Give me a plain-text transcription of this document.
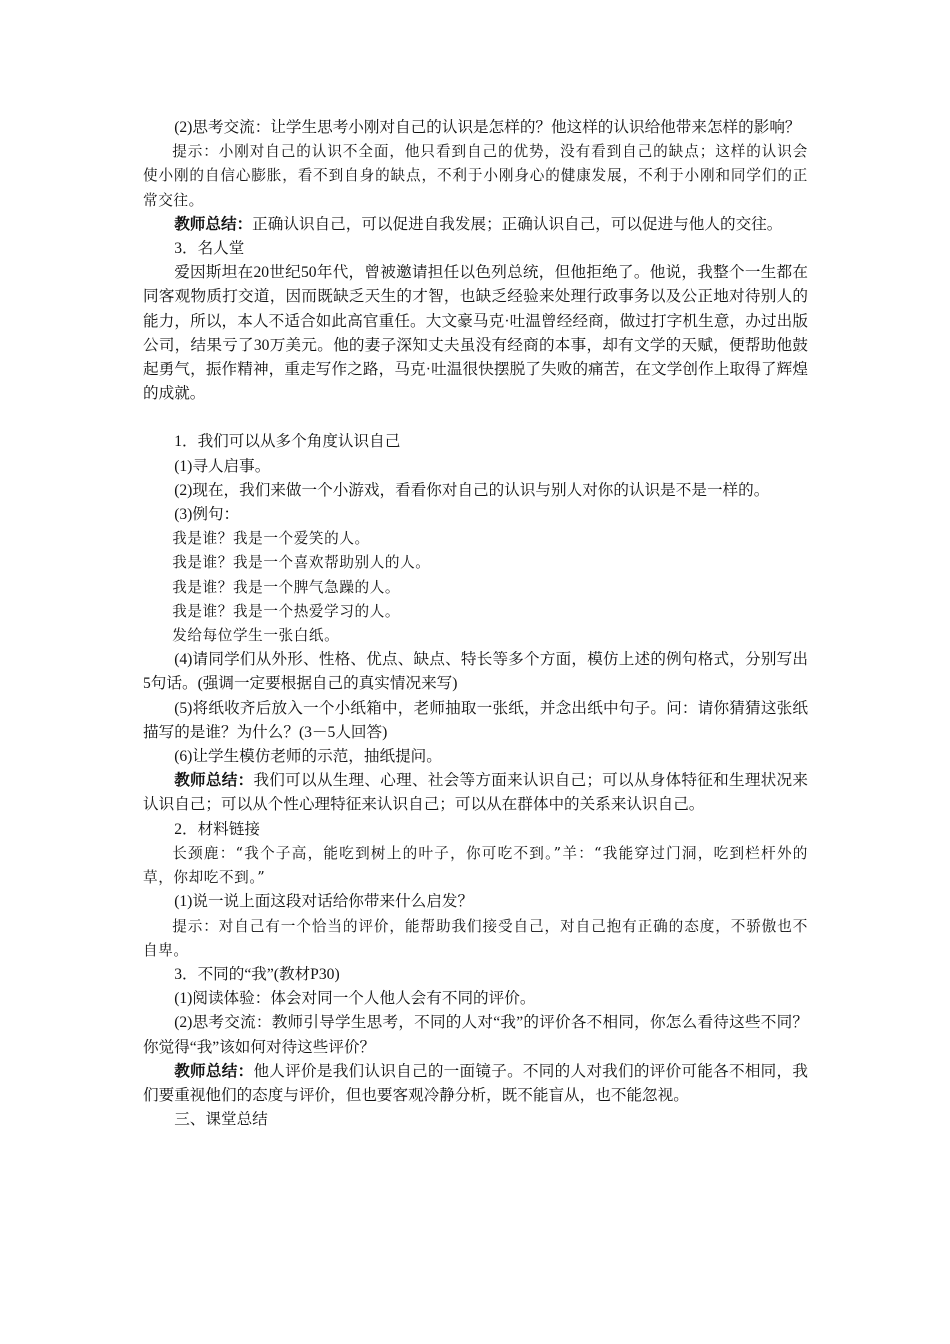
(2)思考交流：让学生思考小刚对自己的认识是怎样的？他这样的认识给他带来怎样的影响？

提示：小刚对自己的认识不全面，他只看到自己的优势，没有看到自己的缺点；这样的认识会使小刚的自信心膨胀，看不到自身的缺点，不利于小刚身心的健康发展，不利于小刚和同学们的正常交往。

教师总结：正确认识自己，可以促进自我发展；正确认识自己，可以促进与他人的交往。

3．名人堂

爱因斯坦在20世纪50年代，曾被邀请担任以色列总统，但他拒绝了。他说，我整个一生都在同客观物质打交道，因而既缺乏天生的才智，也缺乏经验来处理行政事务以及公正地对待别人的能力，所以，本人不适合如此高官重任。大文豪马克·吐温曾经经商，做过打字机生意，办过出版公司，结果亏了30万美元。他的妻子深知丈夫虽没有经商的本事，却有文学的天赋，便帮助他鼓起勇气，振作精神，重走写作之路，马克·吐温很快摆脱了失败的痛苦，在文学创作上取得了辉煌的成就。

1．我们可以从多个角度认识自己

(1)寻人启事。

(2)现在，我们来做一个小游戏，看看你对自己的认识与别人对你的认识是不是一样的。

(3)例句：

我是谁？我是一个爱笑的人。

我是谁？我是一个喜欢帮助别人的人。

我是谁？我是一个脾气急躁的人。

我是谁？我是一个热爱学习的人。

发给每位学生一张白纸。

(4)请同学们从外形、性格、优点、缺点、特长等多个方面，模仿上述的例句格式，分别写出5句话。(强调一定要根据自己的真实情况来写)

(5)将纸收齐后放入一个小纸箱中，老师抽取一张纸，并念出纸中句子。问：请你猜猜这张纸描写的是谁？为什么？(3－5人回答)

(6)让学生模仿老师的示范，抽纸提问。

教师总结：我们可以从生理、心理、社会等方面来认识自己；可以从身体特征和生理状况来认识自己；可以从个性心理特征来认识自己；可以从在群体中的关系来认识自己。

2．材料链接

长颈鹿：“我个子高，能吃到树上的叶子，你可吃不到。”羊：“我能穿过门洞，吃到栏杆外的草，你却吃不到。”

(1)说一说上面这段对话给你带来什么启发？

提示：对自己有一个恰当的评价，能帮助我们接受自己，对自己抱有正确的态度，不骄傲也不自卑。

3．不同的“我”(教材P30)

(1)阅读体验：体会对同一个人他人会有不同的评价。

(2)思考交流：教师引导学生思考，不同的人对“我”的评价各不相同，你怎么看待这些不同？你觉得“我”该如何对待这些评价？

教师总结：他人评价是我们认识自己的一面镜子。不同的人对我们的评价可能各不相同，我们要重视他们的态度与评价，但也要客观冷静分析，既不能盲从，也不能忽视。

三、课堂总结
